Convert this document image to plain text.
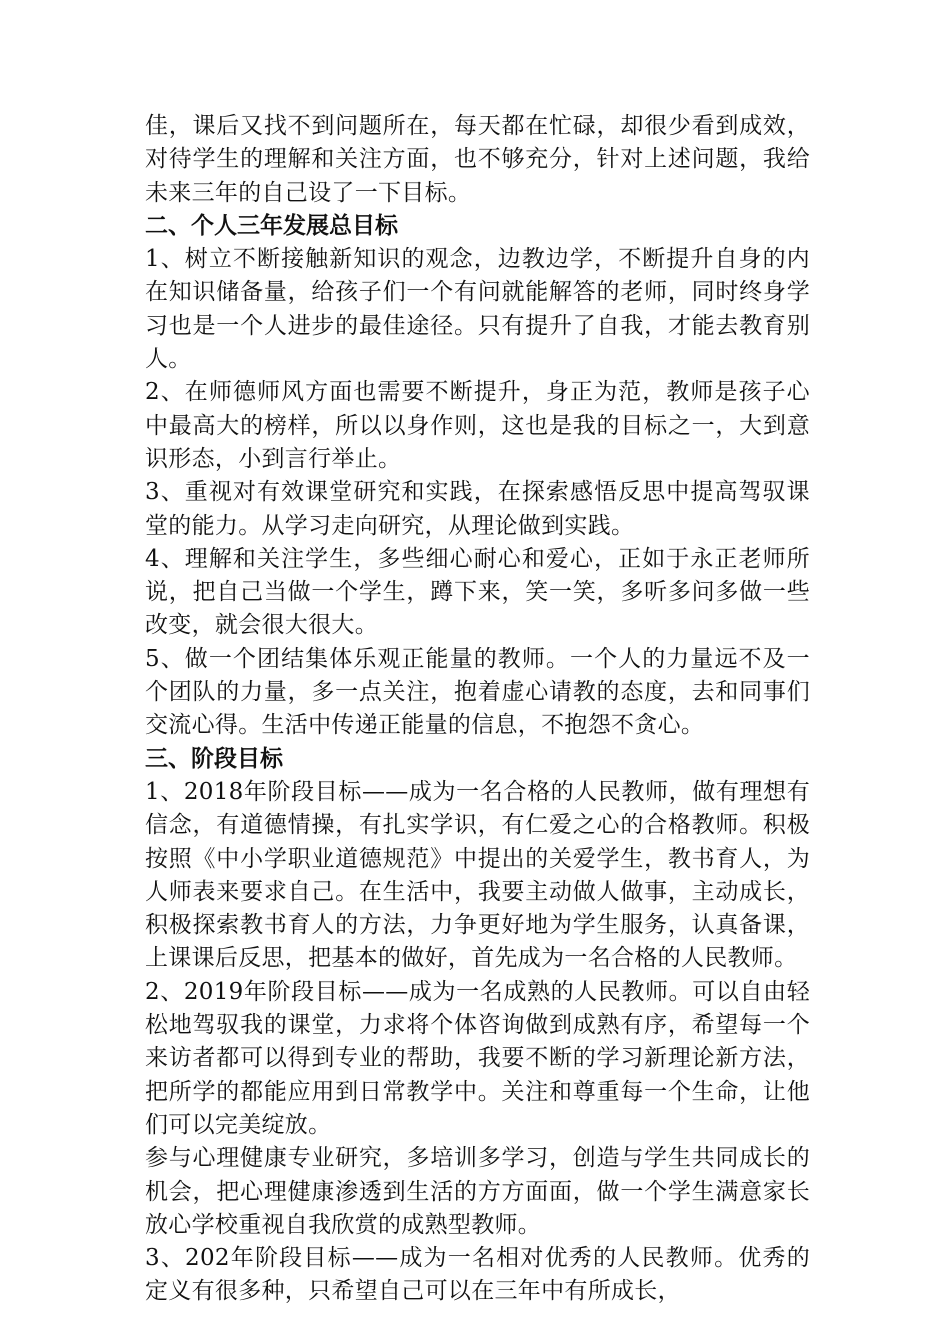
佳，课后又找不到问题所在，每天都在忙碌，却很少看到成效，对待学生的理解和关注方面，也不够充分，针对上述问题，我给未来三年的自己设了一下目标。

二、个人三年发展总目标

1、树立不断接触新知识的观念，边教边学，不断提升自身的内在知识储备量，给孩子们一个有问就能解答的老师，同时终身学习也是一个人进步的最佳途径。只有提升了自我，才能去教育别人。

2、在师德师风方面也需要不断提升，身正为范，教师是孩子心中最高大的榜样，所以以身作则，这也是我的目标之一，大到意识形态，小到言行举止。

3、重视对有效课堂研究和实践，在探索感悟反思中提高驾驭课堂的能力。从学习走向研究，从理论做到实践。

4、理解和关注学生，多些细心耐心和爱心，正如于永正老师所说，把自己当做一个学生，蹲下来，笑一笑，多听多问多做一些改变，就会很大很大。

5、做一个团结集体乐观正能量的教师。一个人的力量远不及一个团队的力量，多一点关注，抱着虚心请教的态度，去和同事们交流心得。生活中传递正能量的信息，不抱怨不贪心。

三、阶段目标

1、2018年阶段目标——成为一名合格的人民教师，做有理想有信念，有道德情操，有扎实学识，有仁爱之心的合格教师。积极按照《中小学职业道德规范》中提出的关爱学生，教书育人，为人师表来要求自己。在生活中，我要主动做人做事，主动成长，积极探索教书育人的方法，力争更好地为学生服务，认真备课，上课课后反思，把基本的做好，首先成为一名合格的人民教师。

2、2019年阶段目标——成为一名成熟的人民教师。可以自由轻松地驾驭我的课堂，力求将个体咨询做到成熟有序，希望每一个来访者都可以得到专业的帮助，我要不断的学习新理论新方法，把所学的都能应用到日常教学中。关注和尊重每一个生命，让他们可以完美绽放。

参与心理健康专业研究，多培训多学习，创造与学生共同成长的机会，把心理健康渗透到生活的方方面面，做一个学生满意家长放心学校重视自我欣赏的成熟型教师。

3、202年阶段目标——成为一名相对优秀的人民教师。优秀的定义有很多种，只希望自己可以在三年中有所成长，
